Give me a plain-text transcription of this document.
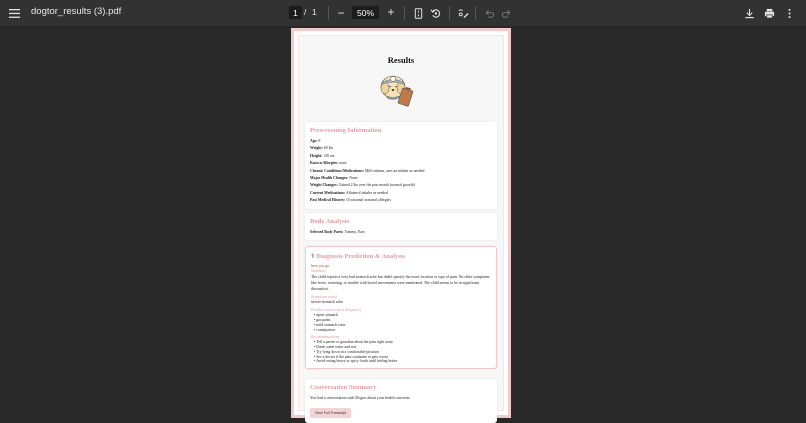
dogtor_results (3).pdf	1 / 1 −	50%	+
Results
Prescreening Information
Age: 8
Weight: 60 lbs
Height: 130 cm
Known Allergies: none
Chronic Conditions/Medications: Mild asthma, uses an inhaler as needed
Major Health Changes: None
Weight Changes: Gained 2 lbs over the past month (normal growth)
Current Medications: Albuterol inhaler as needed
Past Medical History: Occasional seasonal allergies
Body Analysis
Selected Body Parts: Tummy, Ears
⚕ Diagnosis Prediction & Analysis
here you go:
Summary
The child reports a very bad stomach ache but didn't specify the exact location or type of pain. No other symptoms like fever, vomiting, or trouble with bowel movements were mentioned. The child seems to be in significant discomfort.
Symptoms noted
severe stomach ache
Possible causes (not a diagnosis)
• upset stomach
• gas pains
• mild stomach virus
• constipation
Recommendations
• Tell a parent or guardian about the pain right away
• Drink some water and rest
• Try lying down in a comfortable position
• See a doctor if the pain continues or gets worse
• Avoid eating heavy or spicy foods until feeling better
Conversation Summary
You had a conversation with Dogtor about your health concerns.
View Full Transcript
